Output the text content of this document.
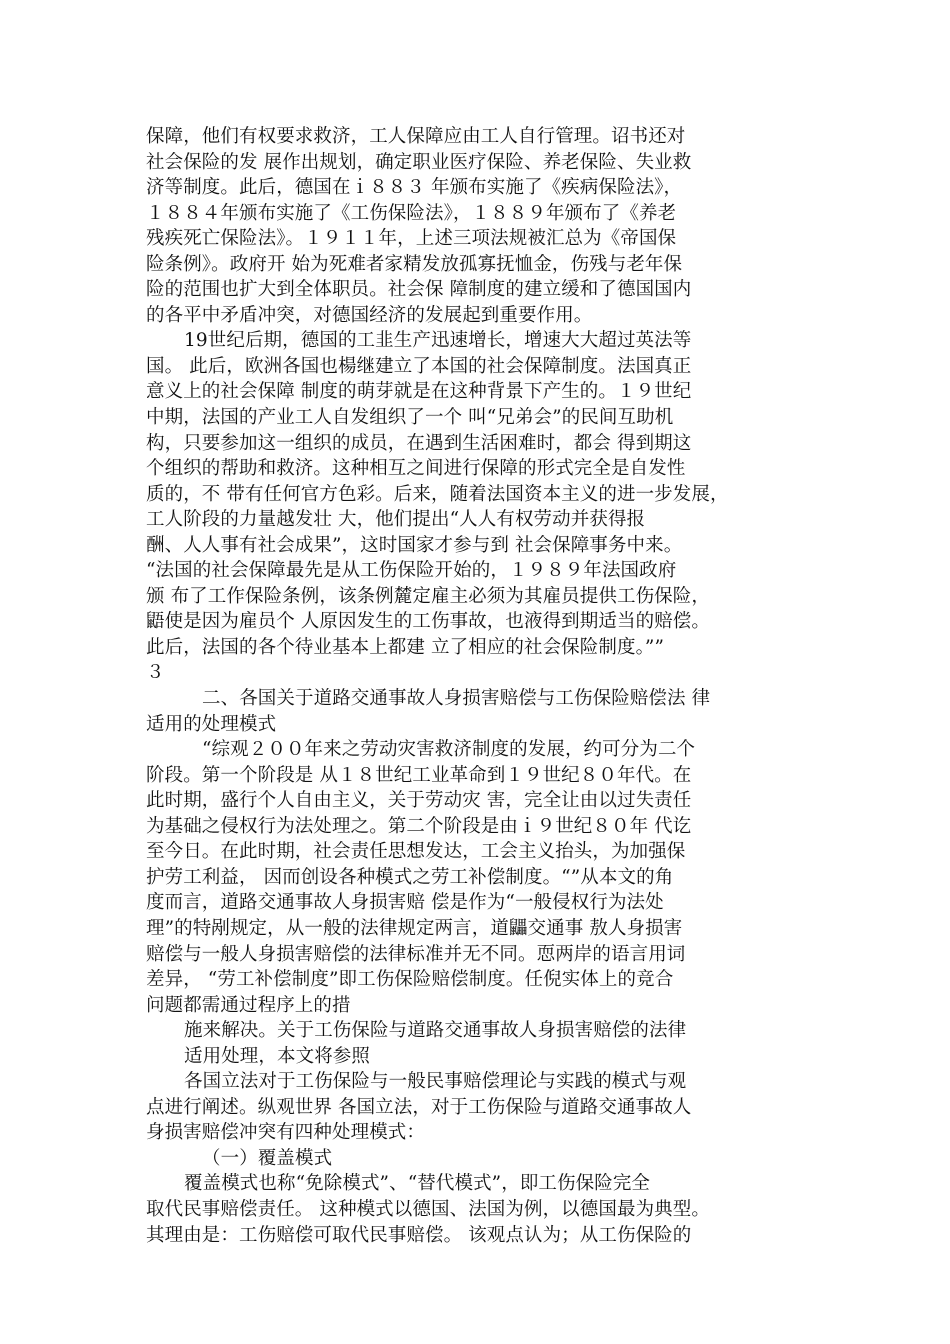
保障，他们有权要求救济，工人保障应由工人自行管理。诏书还对
社会保险的发 展作出规划，确定职业医疗保险、养老保险、失业救
济等制度。此后，德国在ｉ８８３ 年颁布实施了《疾病保险法》，
１８８４年颁布实施了《工伤保险法》，１８８９年颁布了《养老
残疾死亡保险法》。１９１１年，上述三项法规被汇总为《帝国保
险条例》。政府开 始为死难者家精发放孤寡抚恤金，伤残与老年保
险的范围也扩大到全体职员。社会保 障制度的建立缓和了德国国内
的各平中矛盾冲突，对德国经济的发展起到重要作用。
19世纪后期，德国的工韭生产迅速增长，增速大大超过英法等
国。 此后，欧洲各国也楊继建立了本国的社会保障制度。法国真正
意义上的社会保障 制度的萌芽就是在这种背景下产生的。１９世纪
中期，法国的产业工人自发组织了一个 叫“兄弟会”的民间互助机
构，只要参加这一组织的成员，在遇到生活困难时，都会 得到期这
个组织的帮助和救济。这种相互之间进行保障的形式完全是自发性
质的，不 带有任何官方色彩。后来，随着法国资本主义的进一步发展，
工人阶段的力量越发壮 大，他们提出“人人有权劳动并获得报
酬、人人事有社会成果”，这时国家才参与到 社会保障事务中来。
“法国的社会保障最先是从工伤保险开始的，１９８９年法国政府
颁 布了工作保险条例，该条例麓定雇主必须为其雇员提供工伤保险，
鼯使是因为雇员个 人原因发生的工伤事故，也液得到期适当的赔偿。
此后，法国的各个待业基本上都建 立了相应的社会保险制度。””
３
二、各国关于道路交通事故人身损害赔偿与工伤保险赔偿法 律
适用的处理模式
“综观２００年来之劳动灾害救济制度的发展，约可分为二个
阶段。第一个阶段是 从１８世纪工业革命到１９世纪８０年代。在
此时期，盛行个人自由主义，关于劳动灾 害，完全让由以过失责任
为基础之侵权行为法处理之。第二个阶段是由ｉ９世纪８０年 代讫
至今日。在此时期，社会责任思想发达，工会主义抬头，为加强保
护劳工利益， 因而创设各种模式之劳工补偿制度。“”从本文的角
度而言，道路交通事故人身损害赔 偿是作为“一般侵权行为法处
理”的特剐规定，从一般的法律规定两言，道鼺交通事 敖人身损害
赔偿与一般人身损害赔偿的法律标准并无不同。恧两岸的语言用词
差异， “劳工补偿制度”即工伤保险赔偿制度。任倪实体上的竞合
问题都需通过程序上的措
施来解决。关于工伤保险与道路交通事故人身损害赔偿的法律
适用处理，本文将参照
各国立法对于工伤保险与一般民事赔偿理论与实践的模式与观
点进行阐述。纵观世界 各国立法，对于工伤保险与道路交通事故人
身损害赔偿冲突有四种处理模式：
（一）覆盖模式
覆盖模式也称“免除模式”、“替代模式”，即工伤保险完全
取代民事赔偿责任。 这种模式以德国、法国为例，以德国最为典型。
其理由是：工伤赔偿可取代民事赔偿。 该观点认为；从工伤保险的
